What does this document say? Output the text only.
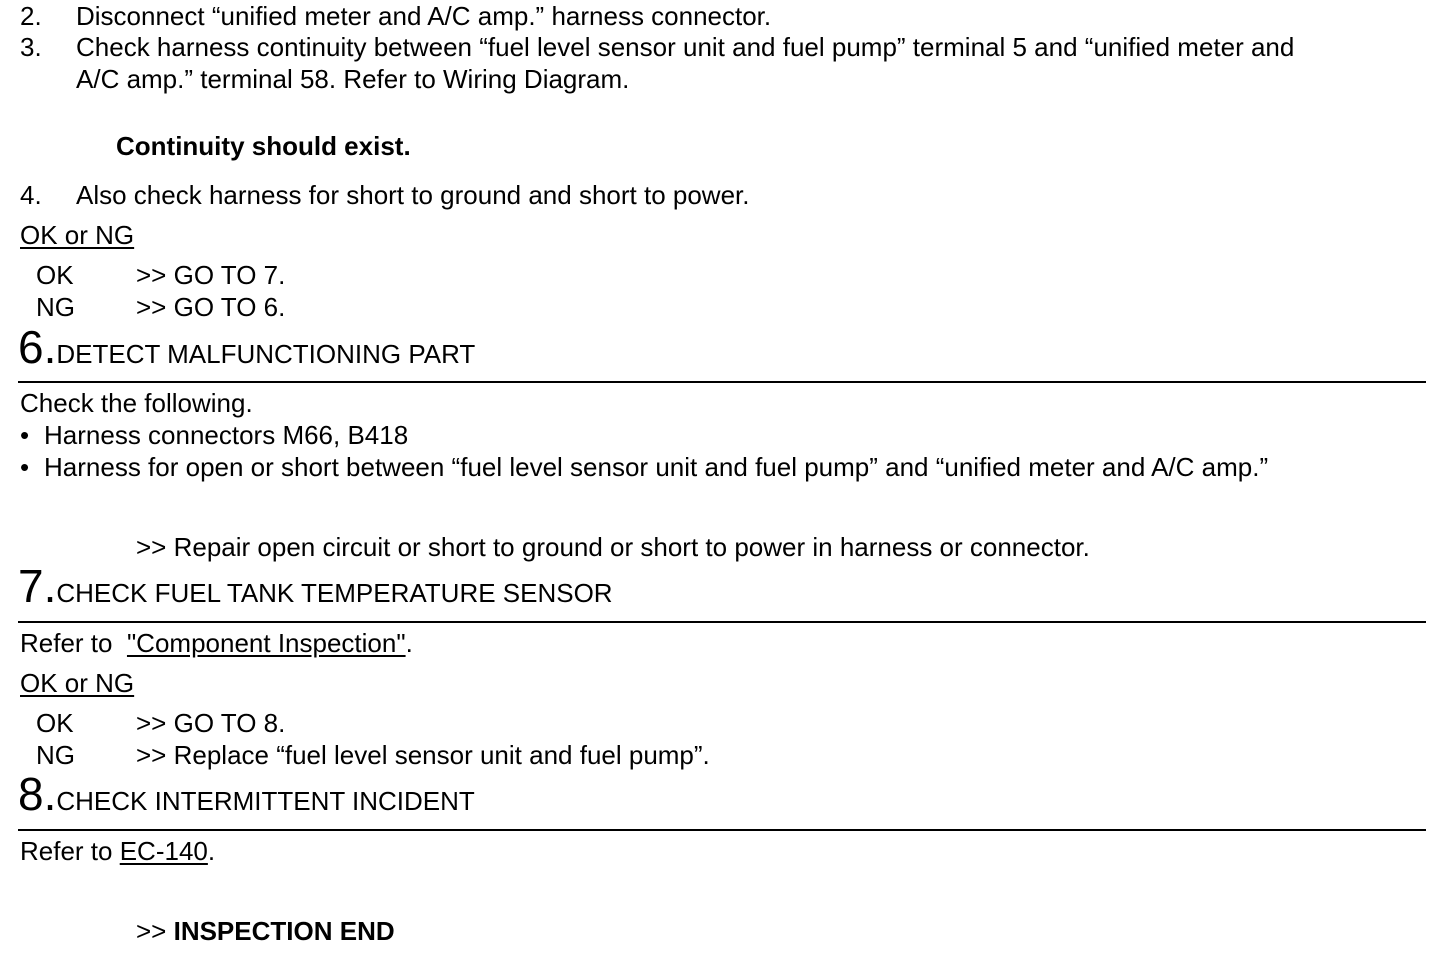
2. Disconnect “unified meter and A/C amp.” harness connector.
3. Check harness continuity between “fuel level sensor unit and fuel pump” terminal 5 and “unified meter and
A/C amp.” terminal 58. Refer to Wiring Diagram.
Continuity should exist.
4. Also check harness for short to ground and short to power.
OK or NG
OK >> GO TO 7.
NG >> GO TO 6.
6.DETECT MALFUNCTIONING PART
Check the following.
• Harness connectors M66, B418
• Harness for open or short between “fuel level sensor unit and fuel pump” and “unified meter and A/C amp.”
>> Repair open circuit or short to ground or short to power in harness or connector.
7.CHECK FUEL TANK TEMPERATURE SENSOR
Refer to  "Component Inspection".
OK or NG
OK >> GO TO 8.
NG >> Replace “fuel level sensor unit and fuel pump”.
8.CHECK INTERMITTENT INCIDENT
Refer to EC-140.
>> INSPECTION END
